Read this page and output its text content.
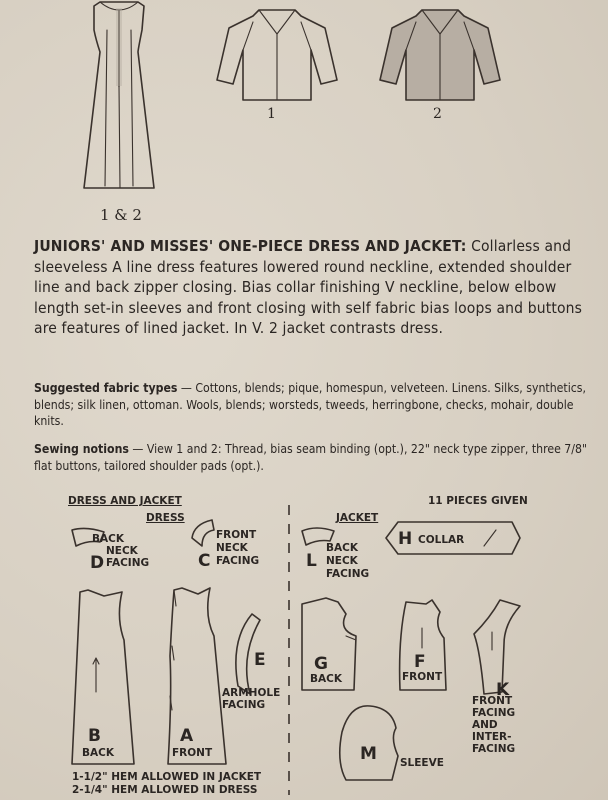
1 & 2
1	2
JUNIORS' AND MISSES' ONE-PIECE DRESS AND JACKET: Collarless and sleeveless A line dress features lowered round neckline, extended shoulder line and back zipper closing. Bias collar finishing V neckline, below elbow length set-in sleeves and front closing with self fabric bias loops and buttons are features of lined jacket. In V. 2 jacket contrasts dress.
Suggested fabric types — Cottons, blends; pique, homespun, velveteen. Linens. Silks, synthetics, blends; silk linen, ottoman. Wools, blends; worsteds, tweeds, herringbone, checks, mohair, double knits.
Sewing notions — View 1 and 2: Thread, bias seam binding (opt.), 22" neck type zipper, three 7/8" flat buttons, tailored shoulder pads (opt.).
DRESS AND JACKET
DRESS	JACKET
11 PIECES GIVEN
BACK
NECK
D FACING
FRONT
NECK
C FACING
B
BACK
A
FRONT
E
ARMHOLE
FACING
BACK
L NECK
FACING
H COLLAR
G
BACK
F
FRONT
K
FRONT
FACING
AND
INTER-
FACING
M SLEEVE
1-1/2" HEM ALLOWED IN JACKET
2-1/4" HEM ALLOWED IN DRESS
